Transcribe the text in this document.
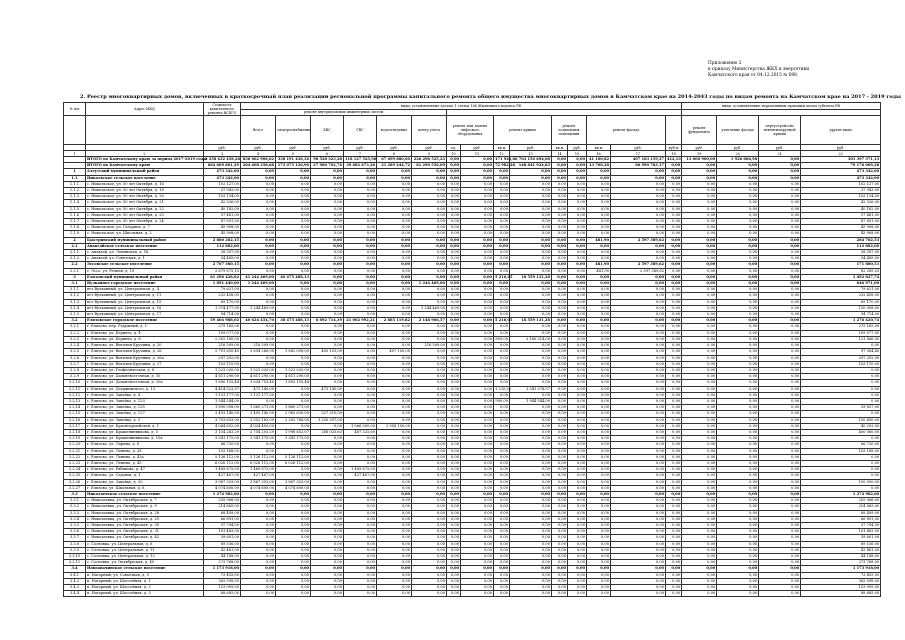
Приложение 2
к приказу Министерства ЖКХ и энергетики
Камчатского края от 04.12.2015 № 698
2. Реестр многоквартирных домов, включенных в краткосрочный план реализации региональной программы капитального ремонта общего имущества многоквартирных домов в Камчатском крае на 2014-2043 годы по видам ремонта на Камчатском крае на 2017 - 2019 годы
№ п/п	Адрес МКД	Стоимость капитального ремонта ВСЕГО	виды, установленные частью 1 статьи 166 Жилищного кодекса РФ															виды, установленные нормативным правовым актом субъекта РФ			
			ремонт внутридомовых инженерных систем																		
			Всего	электроснабжение	ХВС	ГВС	водоотведение	центр учета	ремонт или замена лифтового оборудования		ремонт крыши		ремонт подвальных помещений		ремонт фасада			ремонт фундамента	утепление фасада	переустройство невентилируемой крыши	другие виды
		руб.	руб.	руб.	руб.	руб.	руб.	руб.	ед.	руб.	кв.м	руб.	кв.м	руб.	кв.м	руб.	куб.м	руб.	руб.	руб.	руб.
1	2	3	4	5	6	7	8	9	10	11	12	13	14	15	16	17	18	19	20	21	22
	ИТОГО по Камчатскому краю за период 2017-2019 годы	2 258 432 458,28	836 062 906,62	338 191 436,34	98 528 323,28	118 127 525,96	67 499 880,60	226 296 525,23	0,00	0,00	171 942,86	703 150 694,08	0,00	0,00	41 100,82	407 183 159,27	412,13	13 000 900,00	1 926 806,98	0,00	301 397 371,13
	ИТОГО по Камчатскому краю	662 669 801,29	204 408 258,68	173 075 120,96	27 980 702,76	39 082 473,26	21 289 244,72	61 290 556,09	0,00	0,00	72 982,28	148 841 924,83	0,00	0,00	13 708,28	66 990 763,17	0,00	0,00	0,00	0,00	79 176 009,28
1	Алеутский муниципальный район	473 342,00	0,00	0,00	0,00	0,00	0,00	0,00	0,00	0,00	0,00	0,00	0,00	0,00	0,00	0,00	0,00	0,00	0,00	0,00	473 342,00
1.1	Никольское сельское поселение	473 342,00	0,00	0,00	0,00	0,00	0,00	0,00	0,00	0,00	0,00	0,00	0,00	0,00	0,00	0,00	0,00	0,00	0,00	0,00	473 342,00
1.1.1	с. Никольское, ул. 50 лет Октября, д. 16	102 127,00	0,00	0,00	0,00	0,00	0,00	0,00	0,00	0,00	0,00	0,00	0,00	0,00	0,00	0,00	0,00	0,00	0,00	0,00	102 127,00
1.1.2	с. Никольское, ул. 50 лет Октября, д. 18	37 943,00	0,00	0,00	0,00	0,00	0,00	0,00	0,00	0,00	0,00	0,00	0,00	0,00	0,00	0,00	0,00	0,00	0,00	0,00	37 943,00
1.1.3	с. Никольское, ул. 50 лет Октября, д. 20	103 134,00	0,00	0,00	0,00	0,00	0,00	0,00	0,00	0,00	0,00	0,00	0,00	0,00	0,00	0,00	0,00	0,00	0,00	0,00	103 134,00
1.1.4	с. Никольское, ул. 50 лет Октября, д. 21	42 526,00	0,00	0,00	0,00	0,00	0,00	0,00	0,00	0,00	0,00	0,00	0,00	0,00	0,00	0,00	0,00	0,00	0,00	0,00	42 526,00
1.1.5	с. Никольское, ул. 50 лет Октября, д. 22	40 182,00	0,00	0,00	0,00	0,00	0,00	0,00	0,00	0,00	0,00	0,00	0,00	0,00	0,00	0,00	0,00	0,00	0,00	0,00	40 182,00
1.1.6	с. Никольское, ул. 50 лет Октября, д. 23	57 461,00	0,00	0,00	0,00	0,00	0,00	0,00	0,00	0,00	0,00	0,00	0,00	0,00	0,00	0,00	0,00	0,00	0,00	0,00	57 461,00
1.1.7	с. Никольское, ул. 50 лет Октября, д. 24	87 891,00	0,00	0,00	0,00	0,00	0,00	0,00	0,00	0,00	0,00	0,00	0,00	0,00	0,00	0,00	0,00	0,00	0,00	0,00	87 891,00
1.1.8	с. Никольское, ул. Гагарина, д. 7	45 908,00	0,00	0,00	0,00	0,00	0,00	0,00	0,00	0,00	0,00	0,00	0,00	0,00	0,00	0,00	0,00	0,00	0,00	0,00	45 908,00
1.1.9	с. Никольское, ул. Школьная, д. 2	45 908,00	0,00	0,00	0,00	0,00	0,00	0,00	0,00	0,00	0,00	0,00	0,00	0,00	0,00	0,00	0,00	0,00	0,00	0,00	45 908,00
2	Быстринский муниципальный район	2 880 262,15	0,00	0,00	0,00	0,00	0,00	0,00	0,00	0,00	0,00	0,00	0,00	0,00	481,90	2 597 389,62	0,00	0,00	0,00	0,00	284 762,53
2.1	Анавгайское сельское поселение	112 882,00	0,00	0,00	0,00	0,00	0,00	0,00	0,00	0,00	0,00	0,00	0,00	0,00	0,00	0,00	0,00	0,00	0,00	0,00	112 882,00
2.1.1	с. Анавгай, ул. Ленинская, д. 16	58 397,00	0,00	0,00	0,00	0,00	0,00	0,00	0,00	0,00	0,00	0,00	0,00	0,00	0,00	0,00	0,00	0,00	0,00	0,00	58 397,00
2.1.2	с. Анавгай, ул. Советская, д. 1	54 485,00	0,00	0,00	0,00	0,00	0,00	0,00	0,00	0,00	0,00	0,00	0,00	0,00	0,00	0,00	0,00	0,00	0,00	0,00	54 485,00
2.2	Эссовское сельское поселение	2 767 380,15	0,00	0,00	0,00	0,00	0,00	0,00	0,00	0,00	0,00	0,00	0,00	0,00	481,90	2 597 389,62	0,00	0,00	0,00	0,00	171 880,53
2.2.1	с. Эссо, ул. Речная, д. 10	2 679 675,15	0,00	0,00	0,00	0,00	0,00	0,00	0,00	0,00	0,00	0,00	0,00	0,00	481,90	2 597 389,62	0,00	0,00	0,00	0,00	82 285,53
3	Елизовский муниципальный район	61 296 428,02	41 244 469,00	40 475 488,13	0,00	0,00	0,00	0,00	0,00	0,00	5 216,05	18 559 131,28	0,00	0,00	0,00	0,00	0,00	0,00	0,00	0,00	1 492 827,74
3.1	Вулканное городское поселение	1 891 440,00	1 244 469,00	0,00	0,00	0,00	0,00	1 244 469,00	0,00	0,00	0,00	0,00	0,00	0,00	0,00	0,00	0,00	0,00	0,00	0,00	646 971,00
3.1.1	пгт Вулканный, ул. Центральная, д. 4	79 621,00	0,00	0,00	0,00	0,00	0,00	0,00	0,00	0,00	0,00	0,00	0,00	0,00	0,00	0,00	0,00	0,00	0,00	0,00	79 621,00
3.1.2	пгт Вулканный, ул. Центральная, д. 11	232 458,00	0,00	0,00	0,00	0,00	0,00	0,00	0,00	0,00	0,00	0,00	0,00	0,00	0,00	0,00	0,00	0,00	0,00	0,00	232 458,00
3.1.3	пгт Вулканный, ул. Центральная, д. 15	65 170,00	0,00	0,00	0,00	0,00	0,00	0,00	0,00	0,00	0,00	0,00	0,00	0,00	0,00	0,00	0,00	0,00	0,00	0,00	65 170,00
3.1.4	пгт Вулканный, ул. Центральная, д. 16	1 374 477,00	1 244 469,00	0,00	0,00	0,00	0,00	1 244 469,00	0,00	0,00	0,00	0,00	0,00	0,00	0,00	0,00	0,00	0,00	0,00	0,00	130 008,00
3.1.5	пгт Вулканный, ул. Центральная, д. 17	94 714,00	0,00	0,00	0,00	0,00	0,00	0,00	0,00	0,00	0,00	0,00	0,00	0,00	0,00	0,00	0,00	0,00	0,00	0,00	94 714,00
3.2	Елизовское городское поселение	59 404 988,02	40 624 454,70	38 475 488,13	6 892 714,39	21 002 992,21	2 885 119,82	2 148 966,57	0,00	0,00	5 216,05	18 559 131,28	0,00	0,00	0,00	0,00	0,00	0,00	0,00	0,00	1 276 420,74
3.2.1	г. Елизово, пер. Радужный, д. 1	275 165,00	0,00	0,00	0,00	0,00	0,00	0,00	0,00	0,00	0,00	0,00	0,00	0,00	0,00	0,00	0,00	0,00	0,00	0,00	275 165,00
3.2.2	г. Елизово, ул. Беринга, д. 4	109 077,00	0,00	0,00	0,00	0,00	0,00	0,00	0,00	0,00	0,00	0,00	0,00	0,00	0,00	0,00	0,00	0,00	0,00	0,00	109 077,00
3.2.3	г. Елизово, ул. Беринга, д. 6	2 302 180,00	0,00	0,00	0,00	0,00	0,00	0,00	0,00	0,00	800,00	2 180 314,00	0,00	0,00	0,00	0,00	0,00	0,00	0,00	0,00	121 866,00
3.2.4	г. Елизово, ул. Виталия Кручины, д. 20	216 509,00	216 509,00	0,00	0,00	0,00	0,00	216 509,00	0,00	0,00	0,00	0,00	0,00	0,00	0,00	0,00	0,00	0,00	0,00	0,00	0,00
3.2.5	г. Елизово, ул. Виталия Кручины, д. 26	2 791 650,40	2 694 266,00	1 882 058,00	405 103,00	0,00	407 105,00	0,00	0,00	0,00	0,00	0,00	0,00	0,00	0,00	0,00	0,00	0,00	0,00	0,00	97 384,40
3.2.6	г. Елизово, ул. Виталия Кручины, д. 26а	297 202,00	0,00	0,00	0,00	0,00	0,00	0,00	0,00	0,00	0,00	0,00	0,00	0,00	0,00	0,00	0,00	0,00	0,00	0,00	297 202,00
3.2.7	г. Елизово, ул. Виталия Кручины, д. 27	103 110,00	0,00	0,00	0,00	0,00	0,00	0,00	0,00	0,00	0,00	0,00	0,00	0,00	0,00	0,00	0,00	0,00	0,00	0,00	103 110,00
3.2.8	г. Елизово, ул. Геофизическая, д. 8	1 523 020,00	1 523 020,00	1 523 020,00	0,00	0,00	0,00	0,00	0,00	0,00	0,00	0,00	0,00	0,00	0,00	0,00	0,00	0,00	0,00	0,00	0,00
3.2.9	г. Елизово, ул. Дальневосточная, д. 10	4 611 290,00	4 611 290,00	4 611 290,00	0,00	0,00	0,00	0,00	0,00	0,00	0,00	0,00	0,00	0,00	0,00	0,00	0,00	0,00	0,00	0,00	0,00
3.2.10	г. Елизово, ул. Дальневосточная, д. 10а	1 690 155,44	3 634 753,40	1 893 155,44	0,00	0,00	0,00	0,00	0,00	0,00	0,00	0,00	0,00	0,00	0,00	0,00	0,00	0,00	0,00	0,00	0,00
3.2.11	г. Елизово, ул. Дзержинского, д. 13	4 414 523,57	473 145,00	0,00	473 145,00	0,00	0,00	0,00	0,00	0,00	1 220,50	3 941 378,57	0,00	0,00	0,00	0,00	0,00	0,00	0,00	0,00	0,00
3.2.12	г. Елизово, ул. Завойко, д. 4	1 131 177,00	1 131 177,00	0,00	0,00	0,00	0,00	0,00	0,00	0,00	0,00	0,00	0,00	0,00	0,00	0,00	0,00	0,00	0,00	0,00	0,00
3.2.13	г. Елизово, ул. Завойко, д. 123	1 944 544,00	0,00	0,00	0,00	0,00	0,00	0,00	0,00	0,00	990,00	1 944 544,00	0,00	0,00	0,00	0,00	0,00	0,00	0,00	0,00	0,00
3.2.14	г. Елизово, ул. Завойко, д. 125	1 890 098,00	1 860 271,00	1 860 271,00	0,00	0,00	0,00	0,00	0,00	0,00	0,00	0,00	0,00	0,00	0,00	0,00	0,00	0,00	0,00	0,00	29 827,00
3.2.15	г. Елизово, ул. Завойко, д. 127	3 493 140,00	3 493 140,00	2 965 630,00	527 510,00	0,00	0,00	0,00	0,00	0,00	0,00	0,00	0,00	0,00	0,00	0,00	0,00	0,00	0,00	0,00	0,00
3.2.16	г. Елизово, ул. Завойко, д. 3	3 703 653,00	3 553 163,00	2 302 766,00	1 250 397,00	0,00	0,00	0,00	0,00	0,00	0,00	0,00	0,00	0,00	0,00	0,00	0,00	0,00	0,00	0,00	150 490,00
3.2.17	г. Елизово, ул. Красноармейская, д. 1	4 064 652,00	4 024 450,00	0,00	0,00	1 066 300,00	2 958 150,00	0,00	0,00	0,00	0,00	0,00	0,00	0,00	0,00	0,00	0,00	0,00	0,00	0,00	40 202,00
3.2.18	г. Елизово, ул. Крашенинникова, д. 5	3 154 263,29	2 754 203,29	1 998 852,07	268 025,63	487 325,60	0,00	0,00	0,00	0,00	0,00	0,00	0,00	0,00	0,00	0,00	0,00	0,00	0,00	0,00	400 060,00
3.2.19	г. Елизово, ул. Крашенинникова, д. 15а	3 341 175,00	3 341 175,00	3 341 175,00	0,00	0,00	0,00	0,00	0,00	0,00	0,00	0,00	0,00	0,00	0,00	0,00	0,00	0,00	0,00	0,00	0,00
3.2.20	г. Елизово, ул. Ларина, д. 8	66 720,00	0,00	0,00	0,00	0,00	0,00	0,00	0,00	0,00	0,00	0,00	0,00	0,00	0,00	0,00	0,00	0,00	0,00	0,00	66 720,00
3.2.21	г. Елизово, ул. Ленина, д. 28	103 168,00	0,00	0,00	0,00	0,00	0,00	0,00	0,00	0,00	0,00	0,00	0,00	0,00	0,00	0,00	0,00	0,00	0,00	0,00	103 168,00
3.2.22	г. Елизово, ул. Ленина, д. 43а	5 126 112,00	5 126 112,00	5 126 112,00	0,00	0,00	0,00	0,00	0,00	0,00	0,00	0,00	0,00	0,00	0,00	0,00	0,00	0,00	0,00	0,00	0,00
3.2.23	г. Елизово, ул. Ленина, д. 45	6 026 112,00	6 026 112,00	6 026 112,00	0,00	0,00	0,00	0,00	0,00	0,00	0,00	0,00	0,00	0,00	0,00	0,00	0,00	0,00	0,00	0,00	0,00
3.2.24	г. Елизово, ул. Рябикова, д. 47	1 469 875,00	1 469 875,00	0,00	0,00	1 469 875,00	0,00	0,00	0,00	0,00	0,00	0,00	0,00	0,00	0,00	0,00	0,00	0,00	0,00	0,00	0,00
3.2.25	г. Елизово, ул. Садовая, д. 1	427 467,00	427 467,00	0,00	0,00	427 467,00	0,00	0,00	0,00	0,00	0,00	0,00	0,00	0,00	0,00	0,00	0,00	0,00	0,00	0,00	0,00
3.2.26	г. Елизово, ул. Завойко, д. 20	3 967 353,00	3 867 353,00	3 867 353,00	0,00	0,00	0,00	0,00	0,00	0,00	0,00	0,00	0,00	0,00	0,00	0,00	0,00	0,00	0,00	0,00	100 000,00
3.2.27	г. Елизово, ул. Школьная, д. 6	4 074 600,00	4 074 600,00	4 074 600,00	0,00	0,00	0,00	0,00	0,00	0,00	0,00	0,00	0,00	0,00	0,00	0,00	0,00	0,00	0,00	0,00	0,00
3.3	Николаевское сельское поселение	1 274 982,00	0,00	0,00	0,00	0,00	0,00	0,00	0,00	0,00	0,00	0,00	0,00	0,00	0,00	0,00	0,00	0,00	0,00	0,00	1 274 982,00
3.3.1	с. Николаевка, ул. Октябрьская, д. 7	205 966,00	0,00	0,00	0,00	0,00	0,00	0,00	0,00	0,00	0,00	0,00	0,00	0,00	0,00	0,00	0,00	0,00	0,00	0,00	205 966,00
3.3.2	с. Николаевка, ул. Октябрьская, д. 9	214 865,00	0,00	0,00	0,00	0,00	0,00	0,00	0,00	0,00	0,00	0,00	0,00	0,00	0,00	0,00	0,00	0,00	0,00	0,00	214 865,00
3.3.3	с. Николаевка, ул. Октябрьская, д. 28	68 409,00	0,00	0,00	0,00	0,00	0,00	0,00	0,00	0,00	0,00	0,00	0,00	0,00	0,00	0,00	0,00	0,00	0,00	0,00	68 409,00
3.3.4	с. Николаевка, ул. Октябрьская, д. 29	66 891,00	0,00	0,00	0,00	0,00	0,00	0,00	0,00	0,00	0,00	0,00	0,00	0,00	0,00	0,00	0,00	0,00	0,00	0,00	66 891,00
3.3.5	с. Николаевка, ул. Октябрьская, д. 30	37 794,00	0,00	0,00	0,00	0,00	0,00	0,00	0,00	0,00	0,00	0,00	0,00	0,00	0,00	0,00	0,00	0,00	0,00	0,00	37 794,00
3.3.6	с. Николаевка, ул. Октябрьская, д. 31	101 483,00	0,00	0,00	0,00	0,00	0,00	0,00	0,00	0,00	0,00	0,00	0,00	0,00	0,00	0,00	0,00	0,00	0,00	0,00	101 483,00
3.3.7	с. Николаевка, ул. Октябрьская, д. 42	39 601,00	0,00	0,00	0,00	0,00	0,00	0,00	0,00	0,00	0,00	0,00	0,00	0,00	0,00	0,00	0,00	0,00	0,00	0,00	39 601,00
3.3.8	с. Сосновка, ул. Центральная, д. 6	89 536,00	0,00	0,00	0,00	0,00	0,00	0,00	0,00	0,00	0,00	0,00	0,00	0,00	0,00	0,00	0,00	0,00	0,00	0,00	89 536,00
3.3.9	с. Сосновка, ул. Центральная, д. 11	42 461,00	0,00	0,00	0,00	0,00	0,00	0,00	0,00	0,00	0,00	0,00	0,00	0,00	0,00	0,00	0,00	0,00	0,00	0,00	42 461,00
3.3.10	с. Сосновка, ул. Центральная, д. 13	44 188,00	0,00	0,00	0,00	0,00	0,00	0,00	0,00	0,00	0,00	0,00	0,00	0,00	0,00	0,00	0,00	0,00	0,00	0,00	44 188,00
3.3.11	с. Сосновка, ул. Октябрьская, д. 40	273 768,00	0,00	0,00	0,00	0,00	0,00	0,00	0,00	0,00	0,00	0,00	0,00	0,00	0,00	0,00	0,00	0,00	0,00	0,00	273 768,00
3.4	Новоавачинское сельское поселение	1 173 918,00	0,00	0,00	0,00	0,00	0,00	0,00	0,00	0,00	0,00	0,00	0,00	0,00	0,00	0,00	0,00	0,00	0,00	0,00	1 173 918,00
3.4.1	п. Нагорный, ул. Совхозная, д. 5	73 455,00	0,00	0,00	0,00	0,00	0,00	0,00	0,00	0,00	0,00	0,00	0,00	0,00	0,00	0,00	0,00	0,00	0,00	0,00	73 455,00
3.4.2	п. Нагорный, ул. Шоссейная, д. 1	362 598,00	0,00	0,00	0,00	0,00	0,00	0,00	0,00	0,00	0,00	0,00	0,00	0,00	0,00	0,00	0,00	0,00	0,00	0,00	362 598,00
3.4.3	п. Нагорный, ул. Шоссейная, д. 2	153 995,00	0,00	0,00	0,00	0,00	0,00	0,00	0,00	0,00	0,00	0,00	0,00	0,00	0,00	0,00	0,00	0,00	0,00	0,00	153 995,00
3.4.4	п. Нагорный, ул. Шоссейная, д. 3	88 685,00	0,00	0,00	0,00	0,00	0,00	0,00	0,00	0,00	0,00	0,00	0,00	0,00	0,00	0,00	0,00	0,00	0,00	0,00	88 685,00
